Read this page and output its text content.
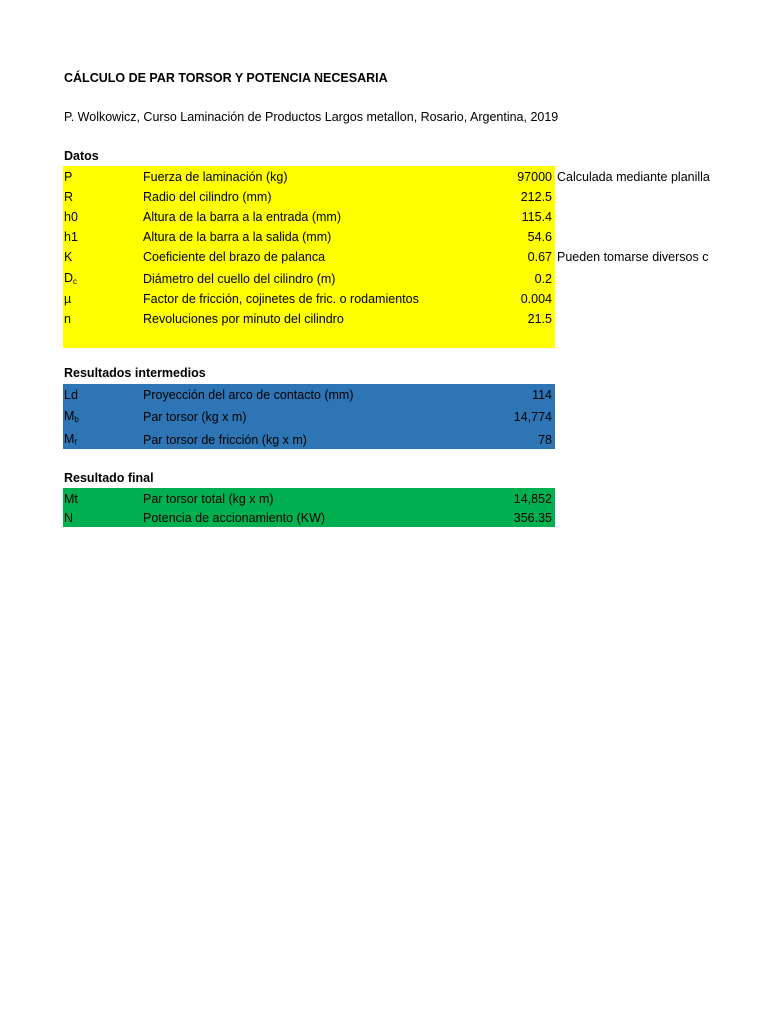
CÁLCULO DE PAR TORSOR Y POTENCIA NECESARIA
P. Wolkowicz, Curso Laminación de Productos Largos metallon, Rosario, Argentina, 2019
Datos
P	Fuerza de laminación (kg)	97000 Calculada mediante planilla
R	Radio del cilindro (mm)	212.5
h0	Altura de la barra a la entrada (mm)	115.4
h1	Altura de la barra a la salida (mm)	54.6
K	Coeficiente del brazo de palanca	0.67 Pueden tomarse diversos c
$D_c$	Diámetro del cuello del cilindro (m)	0.2
µ	Factor de fricción, cojinetes de fric. o rodamientos	0.004
n	Revoluciones por minuto del cilindro	21.5
Resultados intermedios
Ld	Proyección del arco de contacto (mm)	114
$M_b$	Par torsor (kg x m)	14,774
$M_f$	Par torsor de fricción (kg x m)	78
Resultado final
Mt	Par torsor total (kg x m)	14,852
N	Potencia de accionamiento (KW)	356.35
